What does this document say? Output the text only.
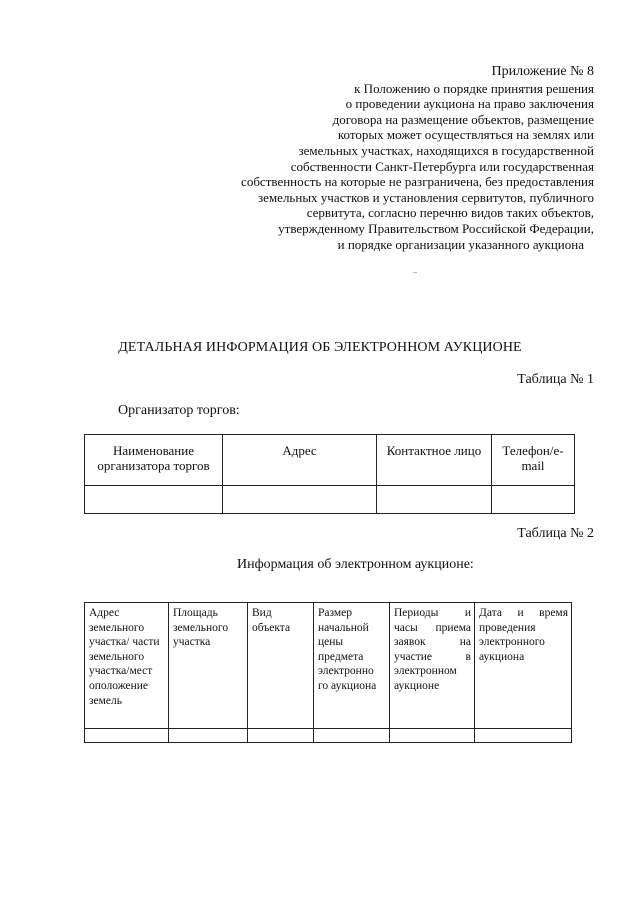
Приложение № 8
к Положению о порядке принятия решения
о проведении аукциона на право заключения
договора на размещение объектов, размещение
которых может осуществляться на землях или
земельных участках, находящихся в государственной
собственности Санкт-Петербурга или государственная
собственность на которые не разграничена, без предоставления
земельных участков и установления сервитутов, публичного
сервитута, согласно перечню видов таких объектов,
утвержденному Правительством Российской Федерации,
и порядке организации указанного аукциона
ДЕТАЛЬНАЯ ИНФОРМАЦИЯ ОБ ЭЛЕКТРОННОМ АУКЦИОНЕ
Таблица № 1
Организатор торгов:
Наименование организатора торгов	Адрес	Контактное лицо	Телефон/e-mail

Таблица № 2
Информация об электронном аукционе:
Адрес земельного участка/ части земельного участка/мест оположение земель	Площадь земельного участка	Вид объекта	Размер начальной цены предмета электроннo го аукциона	Периоды и часы приема заявок на участие в электронном аукционе	Дата и время проведения электронного аукциона
